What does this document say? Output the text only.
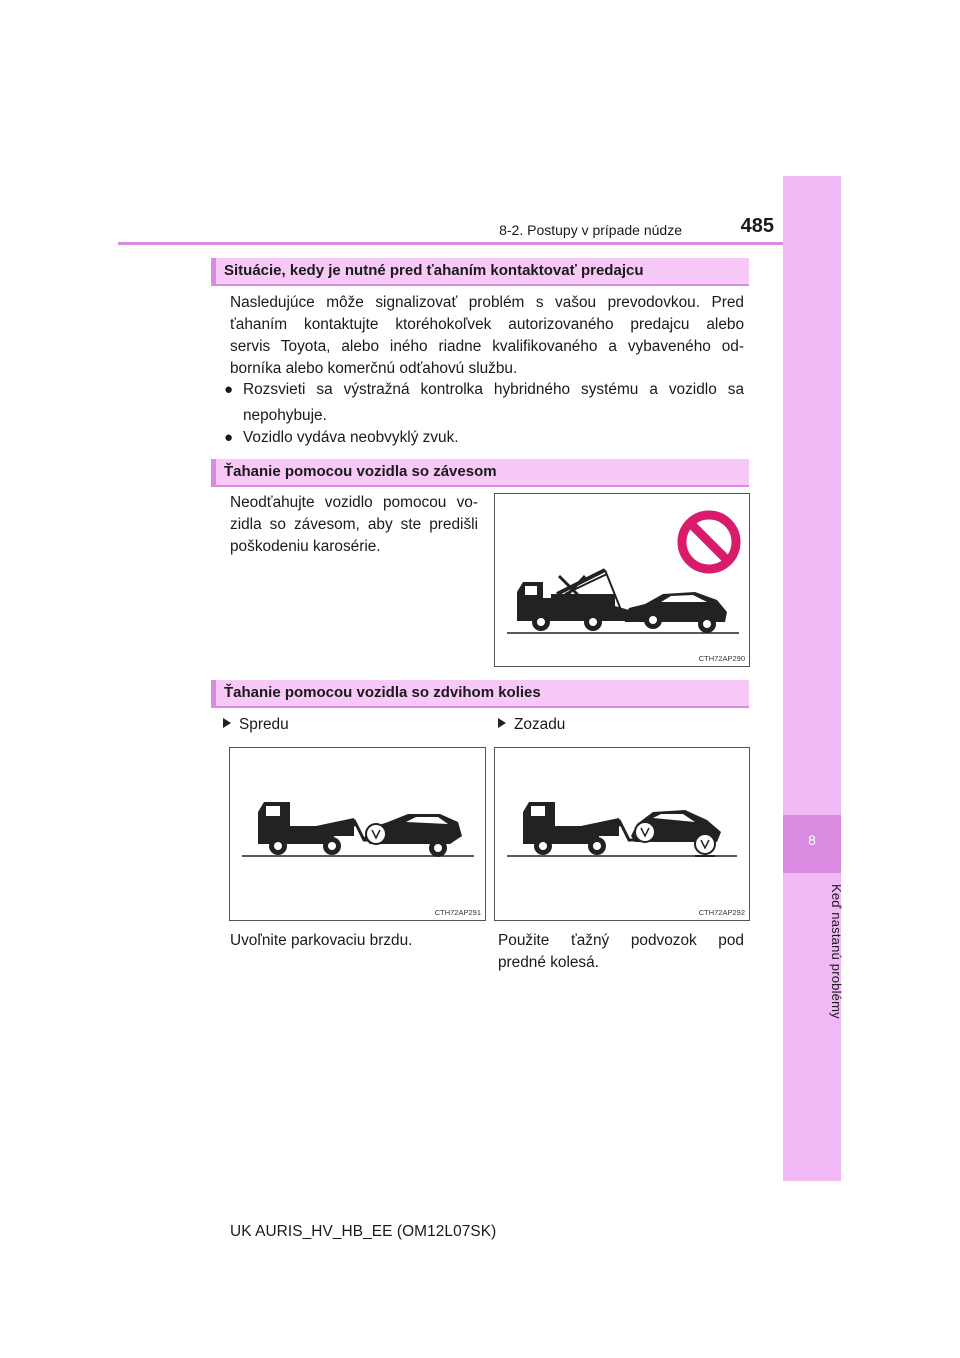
8
Keď nastanú problémy
8-2. Postupy v prípade núdze	485
Situácie, kedy je nutné pred ťahaním kontaktovať predajcu
Nasledujúce môže signalizovať problém s vašou prevodovkou. Pred
ťahaním kontaktujte ktoréhokoľvek autorizovaného predajcu alebo
servis Toyota, alebo iného riadne kvalifikovaného a vybaveného od-
borníka alebo komerčnú odťahovú službu.
● Rozsvieti sa výstražná kontrolka hybridného systému a vozidlo sa
nepohybuje.
● Vozidlo vydáva neobvyklý zvuk.
Ťahanie pomocou vozidla so závesom
Neodťahujte vozidlo pomocou vo-
zidla so závesom, aby ste predišli
poškodeniu karosérie.
CTH72AP290
Ťahanie pomocou vozidla so zdvihom kolies
Spredu	Zozadu
CTH72AP291	CTH72AP292
Uvoľnite parkovaciu brzdu.	Použite ťažný podvozok pod
predné kolesá.
UK AURIS_HV_HB_EE (OM12L07SK)
